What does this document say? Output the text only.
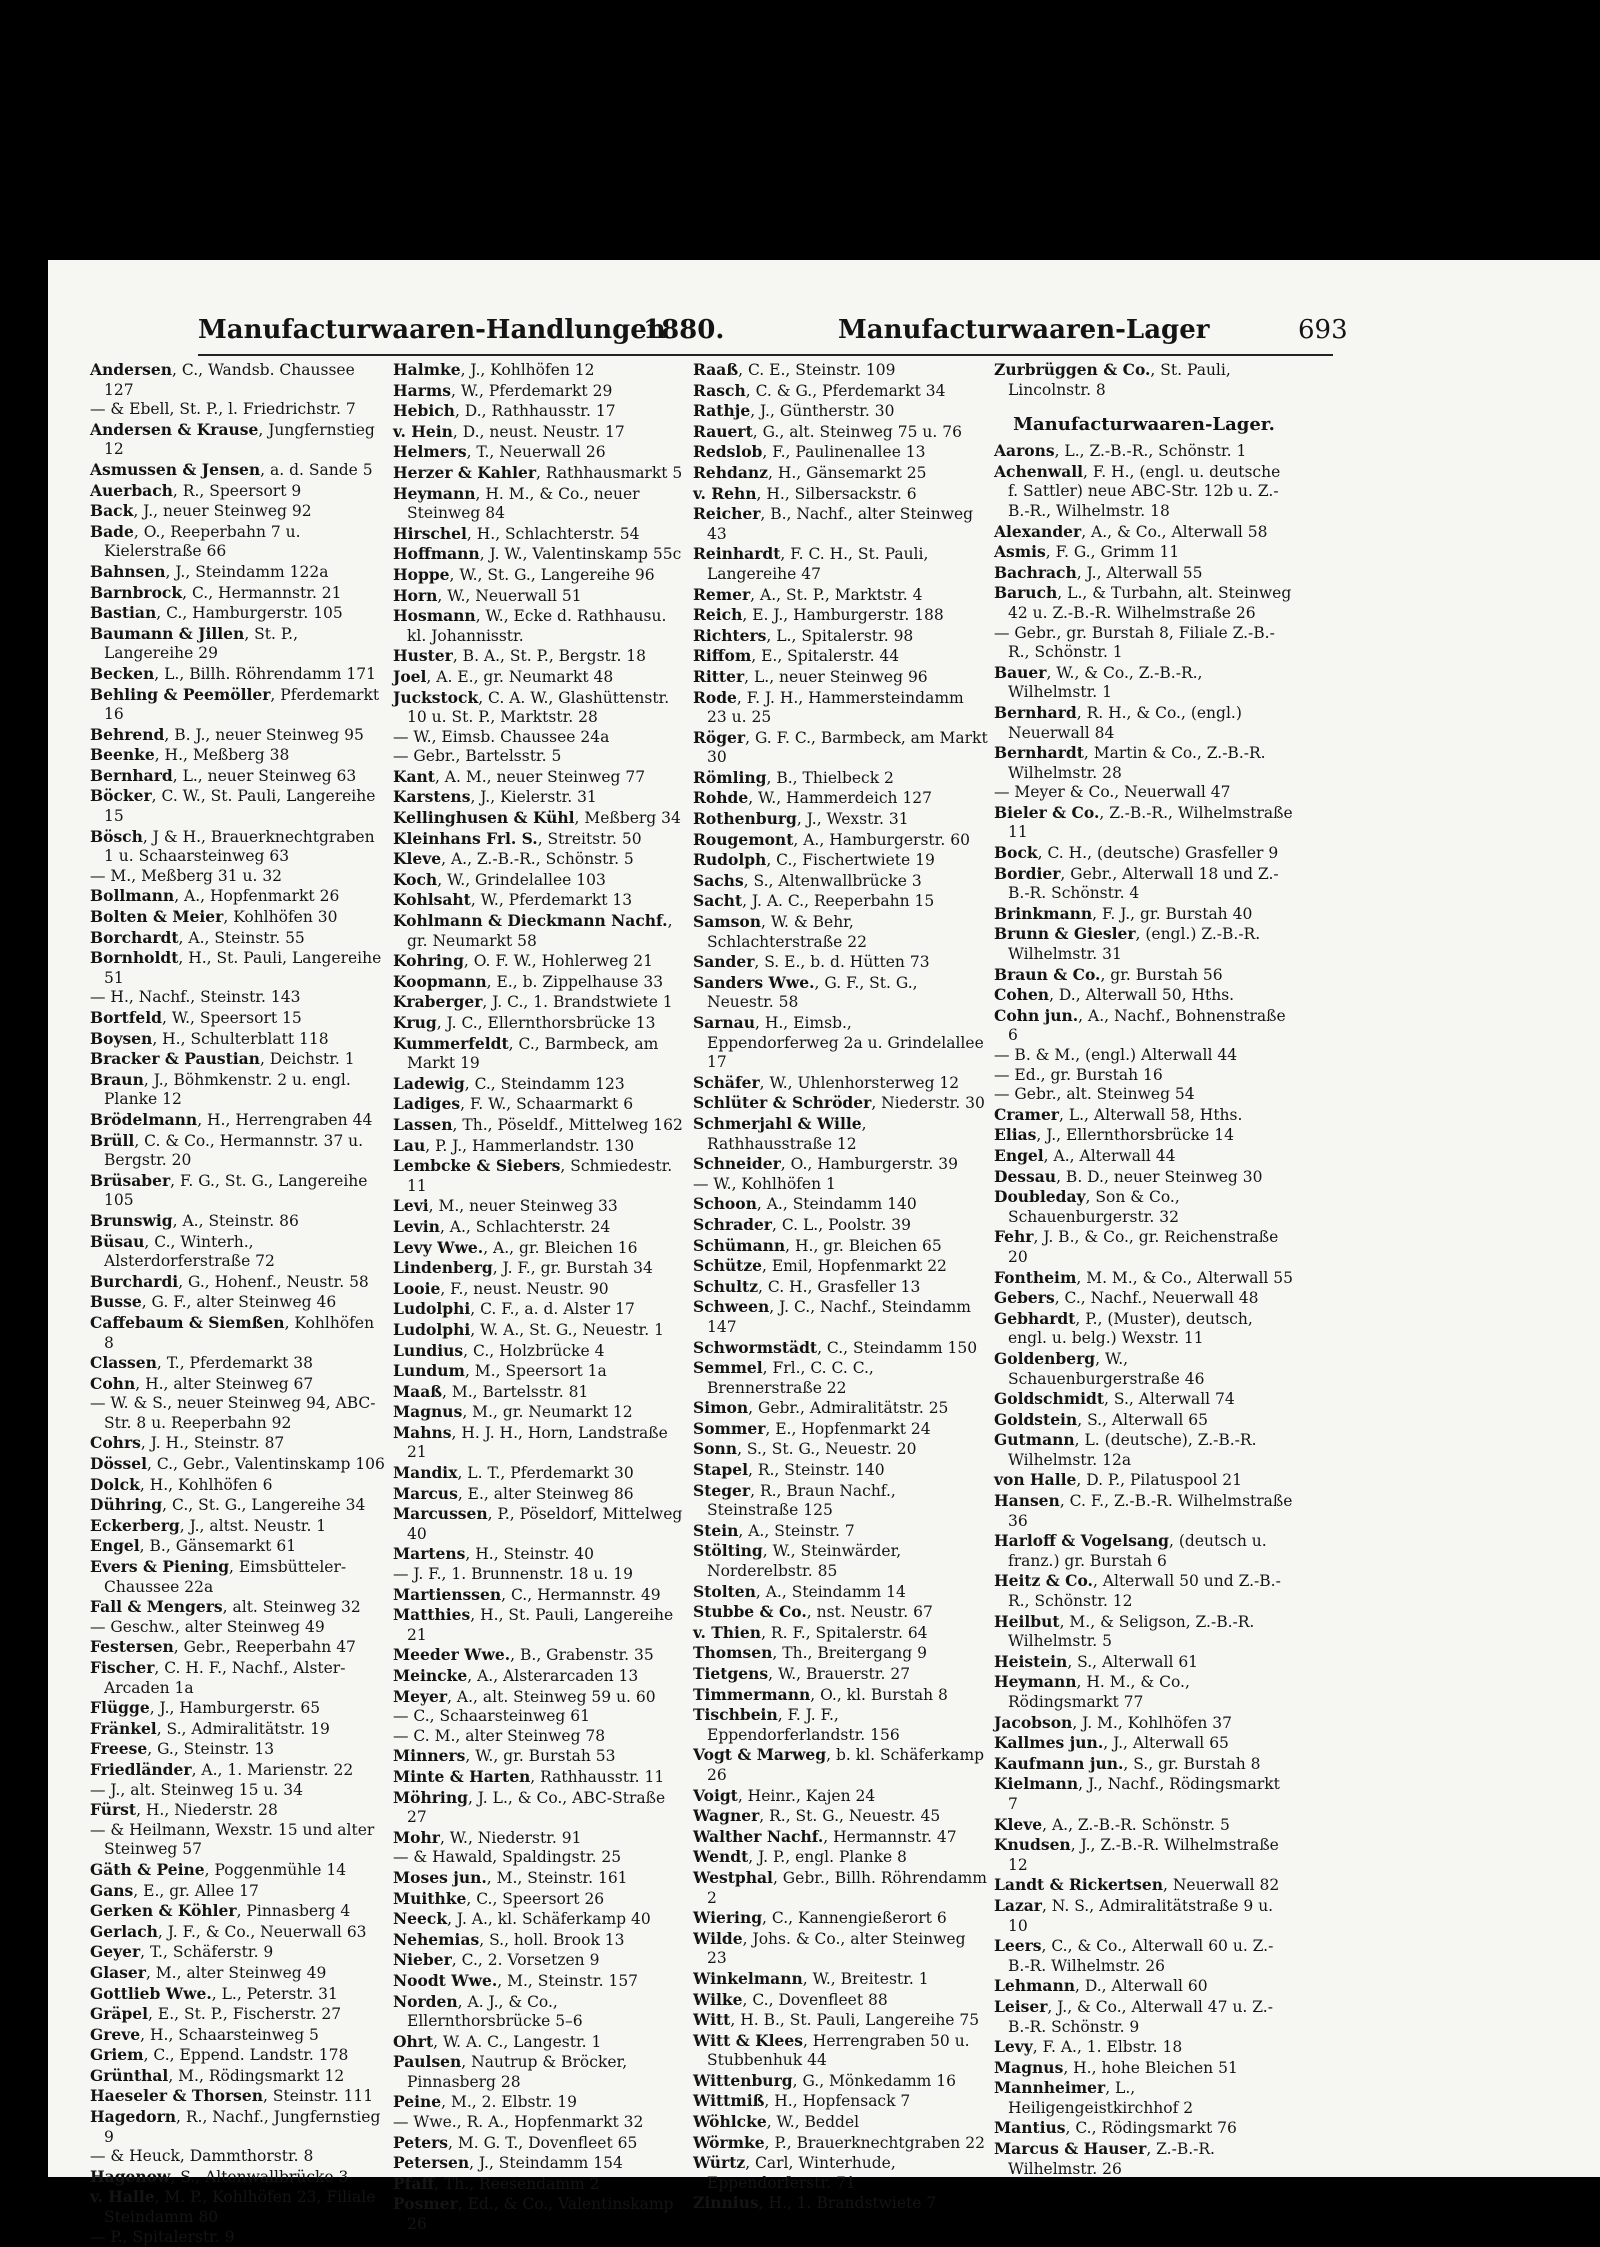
Manufacturwaaren-Handlungen
1880.	Manufacturwaaren-Lager	693

Andersen, C., Wandsb. Chaussee 127

— & Ebell, St. P., l. Friedrichstr. 7

Andersen & Krause, Jungfernstieg 12

Asmussen & Jensen, a. d. Sande 5

Auerbach, R., Speersort 9

Back, J., neuer Steinweg 92

Bade, O., Reeperbahn 7 u. Kielerstraße 66

Bahnsen, J., Steindamm 122a

Barnbrock, C., Hermannstr. 21

Bastian, C., Hamburgerstr. 105

Baumann & Jillen, St. P., Langereihe 29

Becken, L., Billh. Röhrendamm 171

Behling & Peemöller, Pferdemarkt 16

Behrend, B. J., neuer Steinweg 95

Beenke, H., Meßberg 38

Bernhard, L., neuer Steinweg 63

Böcker, C. W., St. Pauli, Langereihe 15

Bösch, J & H., Brauerknechtgraben 1 u. Schaarsteinweg 63

— M., Meßberg 31 u. 32

Bollmann, A., Hopfenmarkt 26

Bolten & Meier, Kohlhöfen 30

Borchardt, A., Steinstr. 55

Bornholdt, H., St. Pauli, Langereihe 51

— H., Nachf., Steinstr. 143

Bortfeld, W., Speersort 15

Boysen, H., Schulterblatt 118

Bracker & Paustian, Deichstr. 1

Braun, J., Böhmkenstr. 2 u. engl. Planke 12

Brödelmann, H., Herrengraben 44

Brüll, C. & Co., Hermannstr. 37 u. Bergstr. 20

Brüsaber, F. G., St. G., Langereihe 105

Brunswig, A., Steinstr. 86

Büsau, C., Winterh., Alsterdorferstraße 72

Burchardi, G., Hohenf., Neustr. 58

Busse, G. F., alter Steinweg 46

Caffebaum & Siemßen, Kohlhöfen 8

Classen, T., Pferdemarkt 38

Cohn, H., alter Steinweg 67

— W. & S., neuer Steinweg 94, ABC-Str. 8 u. Reeperbahn 92

Cohrs, J. H., Steinstr. 87

Dössel, C., Gebr., Valentinskamp 106

Dolck, H., Kohlhöfen 6

Dühring, C., St. G., Langereihe 34

Eckerberg, J., altst. Neustr. 1

Engel, B., Gänsemarkt 61

Evers & Piening, Eimsbütteler-Chaussee 22a

Fall & Mengers, alt. Steinweg 32

— Geschw., alter Steinweg 49

Festersen, Gebr., Reeperbahn 47

Fischer, C. H. F., Nachf., Alster-Arcaden 1a

Flügge, J., Hamburgerstr. 65

Fränkel, S., Admiralitätstr. 19

Freese, G., Steinstr. 13

Friedländer, A., 1. Marienstr. 22

— J., alt. Steinweg 15 u. 34

Fürst, H., Niederstr. 28

— & Heilmann, Wexstr. 15 und alter Steinweg 57

Gäth & Peine, Poggenmühle 14

Gans, E., gr. Allee 17

Gerken & Köhler, Pinnasberg 4

Gerlach, J. F., & Co., Neuerwall 63

Geyer, T., Schäferstr. 9

Glaser, M., alter Steinweg 49

Gottlieb Wwe., L., Peterstr. 31

Gräpel, E., St. P., Fischerstr. 27

Greve, H., Schaarsteinweg 5

Griem, C., Eppend. Landstr. 178

Grünthal, M., Rödingsmarkt 12

Haeseler & Thorsen, Steinstr. 111

Hagedorn, R., Nachf., Jungfernstieg 9

— & Heuck, Dammthorstr. 8

Hagenow, S., Altenwallbrücke 3

v. Halle, M. P., Kohlhöfen 23, Filiale Steindamm 80

— P., Spitalerstr. 9

Halmke, J., Kohlhöfen 12

Harms, W., Pferdemarkt 29

Hebich, D., Rathhausstr. 17

v. Hein, D., neust. Neustr. 17

Helmers, T., Neuerwall 26

Herzer & Kahler, Rathhausmarkt 5

Heymann, H. M., & Co., neuer Steinweg 84

Hirschel, H., Schlachterstr. 54

Hoffmann, J. W., Valentinskamp 55c

Hoppe, W., St. G., Langereihe 96

Horn, W., Neuerwall 51

Hosmann, W., Ecke d. Rathhausu. kl. Johannisstr.

Huster, B. A., St. P., Bergstr. 18

Joel, A. E., gr. Neumarkt 48

Juckstock, C. A. W., Glashüttenstr. 10 u. St. P., Marktstr. 28

— W., Eimsb. Chaussee 24a

— Gebr., Bartelsstr. 5

Kant, A. M., neuer Steinweg 77

Karstens, J., Kielerstr. 31

Kellinghusen & Kühl, Meßberg 34

Kleinhans Frl. S., Streitstr. 50

Kleve, A., Z.-B.-R., Schönstr. 5

Koch, W., Grindelallee 103

Kohlsaht, W., Pferdemarkt 13

Kohlmann & Dieckmann Nachf., gr. Neumarkt 58

Kohring, O. F. W., Hohlerweg 21

Koopmann, E., b. Zippelhause 33

Kraberger, J. C., 1. Brandstwiete 1

Krug, J. C., Ellernthorsbrücke 13

Kummerfeldt, C., Barmbeck, am Markt 19

Ladewig, C., Steindamm 123

Ladiges, F. W., Schaarmarkt 6

Lassen, Th., Pöseldf., Mittelweg 162

Lau, P. J., Hammerlandstr. 130

Lembcke & Siebers, Schmiedestr. 11

Levi, M., neuer Steinweg 33

Levin, A., Schlachterstr. 24

Levy Wwe., A., gr. Bleichen 16

Lindenberg, J. F., gr. Burstah 34

Looie, F., neust. Neustr. 90

Ludolphi, C. F., a. d. Alster 17

Ludolphi, W. A., St. G., Neuestr. 1

Lundius, C., Holzbrücke 4

Lundum, M., Speersort 1a

Maaß, M., Bartelsstr. 81

Magnus, M., gr. Neumarkt 12

Mahns, H. J. H., Horn, Landstraße 21

Mandix, L. T., Pferdemarkt 30

Marcus, E., alter Steinweg 86

Marcussen, P., Pöseldorf, Mittelweg 40

Martens, H., Steinstr. 40

— J. F., 1. Brunnenstr. 18 u. 19

Martienssen, C., Hermannstr. 49

Matthies, H., St. Pauli, Langereihe 21

Meeder Wwe., B., Grabenstr. 35

Meincke, A., Alsterarcaden 13

Meyer, A., alt. Steinweg 59 u. 60

— C., Schaarsteinweg 61

— C. M., alter Steinweg 78

Minners, W., gr. Burstah 53

Minte & Harten, Rathhausstr. 11

Möhring, J. L., & Co., ABC-Straße 27

Mohr, W., Niederstr. 91

— & Hawald, Spaldingstr. 25

Moses jun., M., Steinstr. 161

Muithke, C., Speersort 26

Neeck, J. A., kl. Schäferkamp 40

Nehemias, S., holl. Brook 13

Nieber, C., 2. Vorsetzen 9

Noodt Wwe., M., Steinstr. 157

Norden, A. J., & Co., Ellernthorsbrücke 5–6

Ohrt, W. A. C., Langestr. 1

Paulsen, Nautrup & Bröcker, Pinnasberg 28

Peine, M., 2. Elbstr. 19

— Wwe., R. A., Hopfenmarkt 32

Peters, M. G. T., Dovenfleet 65

Petersen, J., Steindamm 154

Pfaff, Th., Reesendamm 2

Posmer, Ed., & Co., Valentinskamp 26

Raaß, C. E., Steinstr. 109

Rasch, C. & G., Pferdemarkt 34

Rathje, J., Güntherstr. 30

Rauert, G., alt. Steinweg 75 u. 76

Redslob, F., Paulinenallee 13

Rehdanz, H., Gänsemarkt 25

v. Rehn, H., Silbersackstr. 6

Reicher, B., Nachf., alter Steinweg 43

Reinhardt, F. C. H., St. Pauli, Langereihe 47

Remer, A., St. P., Marktstr. 4

Reich, E. J., Hamburgerstr. 188

Richters, L., Spitalerstr. 98

Riffom, E., Spitalerstr. 44

Ritter, L., neuer Steinweg 96

Rode, F. J. H., Hammersteindamm 23 u. 25

Röger, G. F. C., Barmbeck, am Markt 30

Römling, B., Thielbeck 2

Rohde, W., Hammerdeich 127

Rothenburg, J., Wexstr. 31

Rougemont, A., Hamburgerstr. 60

Rudolph, C., Fischertwiete 19

Sachs, S., Altenwallbrücke 3

Sacht, J. A. C., Reeperbahn 15

Samson, W. & Behr, Schlachterstraße 22

Sander, S. E., b. d. Hütten 73

Sanders Wwe., G. F., St. G., Neuestr. 58

Sarnau, H., Eimsb., Eppendorferweg 2a u. Grindelallee 17

Schäfer, W., Uhlenhorsterweg 12

Schlüter & Schröder, Niederstr. 30

Schmerjahl & Wille, Rathhausstraße 12

Schneider, O., Hamburgerstr. 39

— W., Kohlhöfen 1

Schoon, A., Steindamm 140

Schrader, C. L., Poolstr. 39

Schümann, H., gr. Bleichen 65

Schütze, Emil, Hopfenmarkt 22

Schultz, C. H., Grasfeller 13

Schween, J. C., Nachf., Steindamm 147

Schwormstädt, C., Steindamm 150

Semmel, Frl., C. C. C., Brennerstraße 22

Simon, Gebr., Admiralitätstr. 25

Sommer, E., Hopfenmarkt 24

Sonn, S., St. G., Neuestr. 20

Stapel, R., Steinstr. 140

Steger, R., Braun Nachf., Steinstraße 125

Stein, A., Steinstr. 7

Stölting, W., Steinwärder, Norderelbstr. 85

Stolten, A., Steindamm 14

Stubbe & Co., nst. Neustr. 67

v. Thien, R. F., Spitalerstr. 64

Thomsen, Th., Breitergang 9

Tietgens, W., Brauerstr. 27

Timmermann, O., kl. Burstah 8

Tischbein, F. J. F., Eppendorferlandstr. 156

Vogt & Marweg, b. kl. Schäferkamp 26

Voigt, Heinr., Kajen 24

Wagner, R., St. G., Neuestr. 45

Walther Nachf., Hermannstr. 47

Wendt, J. P., engl. Planke 8

Westphal, Gebr., Billh. Röhrendamm 2

Wiering, C., Kannengießerort 6

Wilde, Johs. & Co., alter Steinweg 23

Winkelmann, W., Breitestr. 1

Wilke, C., Dovenfleet 88

Witt, H. B., St. Pauli, Langereihe 75

Witt & Klees, Herrengraben 50 u. Stubbenhuk 44

Wittenburg, G., Mönkedamm 16

Wittmiß, H., Hopfensack 7

Wöhlcke, W., Beddel

Wörmke, P., Brauerknechtgraben 22

Würtz, Carl, Winterhude, Eppendorferstr. 71

Zinnius, H., 1. Brandstwiete 7

Zurbrüggen & Co., St. Pauli, Lincolnstr. 8

Manufacturwaaren-Lager.

Aarons, L., Z.-B.-R., Schönstr. 1

Achenwall, F. H., (engl. u. deutsche f. Sattler) neue ABC-Str. 12b u. Z.-B.-R., Wilhelmstr. 18

Alexander, A., & Co., Alterwall 58

Asmis, F. G., Grimm 11

Bachrach, J., Alterwall 55

Baruch, L., & Turbahn, alt. Steinweg 42 u. Z.-B.-R. Wilhelmstraße 26

— Gebr., gr. Burstah 8, Filiale Z.-B.-R., Schönstr. 1

Bauer, W., & Co., Z.-B.-R., Wilhelmstr. 1

Bernhard, R. H., & Co., (engl.) Neuerwall 84

Bernhardt, Martin & Co., Z.-B.-R. Wilhelmstr. 28

— Meyer & Co., Neuerwall 47

Bieler & Co., Z.-B.-R., Wilhelmstraße 11

Bock, C. H., (deutsche) Grasfeller 9

Bordier, Gebr., Alterwall 18 und Z.-B.-R. Schönstr. 4

Brinkmann, F. J., gr. Burstah 40

Brunn & Giesler, (engl.) Z.-B.-R. Wilhelmstr. 31

Braun & Co., gr. Burstah 56

Cohen, D., Alterwall 50, Hths.

Cohn jun., A., Nachf., Bohnenstraße 6

— B. & M., (engl.) Alterwall 44

— Ed., gr. Burstah 16

— Gebr., alt. Steinweg 54

Cramer, L., Alterwall 58, Hths.

Elias, J., Ellernthorsbrücke 14

Engel, A., Alterwall 44

Dessau, B. D., neuer Steinweg 30

Doubleday, Son & Co., Schauenburgerstr. 32

Fehr, J. B., & Co., gr. Reichenstraße 20

Fontheim, M. M., & Co., Alterwall 55

Gebers, C., Nachf., Neuerwall 48

Gebhardt, P., (Muster), deutsch, engl. u. belg.) Wexstr. 11

Goldenberg, W., Schauenburgerstraße 46

Goldschmidt, S., Alterwall 74

Goldstein, S., Alterwall 65

Gutmann, L. (deutsche), Z.-B.-R. Wilhelmstr. 12a

von Halle, D. P., Pilatuspool 21

Hansen, C. F., Z.-B.-R. Wilhelmstraße 36

Harloff & Vogelsang, (deutsch u. franz.) gr. Burstah 6

Heitz & Co., Alterwall 50 und Z.-B.-R., Schönstr. 12

Heilbut, M., & Seligson, Z.-B.-R. Wilhelmstr. 5

Heistein, S., Alterwall 61

Heymann, H. M., & Co., Rödingsmarkt 77

Jacobson, J. M., Kohlhöfen 37

Kallmes jun., J., Alterwall 65

Kaufmann jun., S., gr. Burstah 8

Kielmann, J., Nachf., Rödingsmarkt 7

Kleve, A., Z.-B.-R. Schönstr. 5

Knudsen, J., Z.-B.-R. Wilhelmstraße 12

Landt & Rickertsen, Neuerwall 82

Lazar, N. S., Admiralitätstraße 9 u. 10

Leers, C., & Co., Alterwall 60 u. Z.-B.-R. Wilhelmstr. 26

Lehmann, D., Alterwall 60

Leiser, J., & Co., Alterwall 47 u. Z.-B.-R. Schönstr. 9

Levy, F. A., 1. Elbstr. 18

Magnus, H., hohe Bleichen 51

Mannheimer, L., Heiligengeistkirchhof 2

Mantius, C., Rödingsmarkt 76

Marcus & Hauser, Z.-B.-R. Wilhelmstr. 26
